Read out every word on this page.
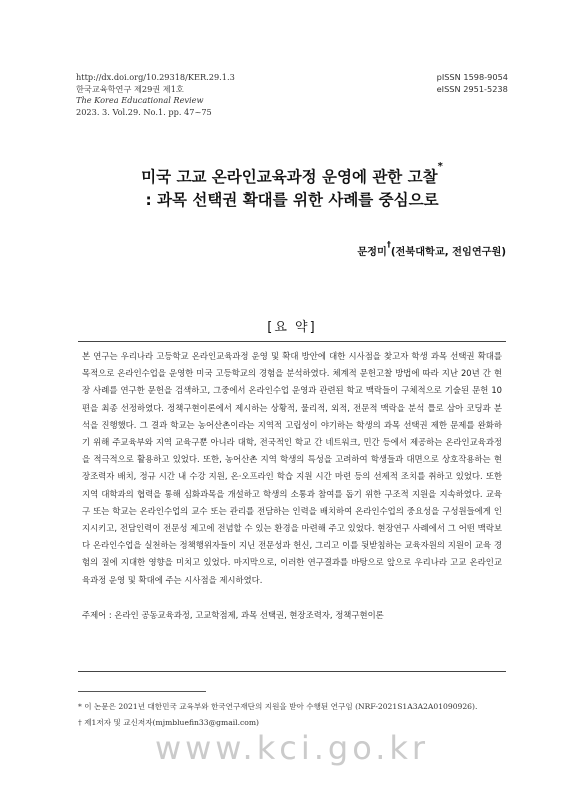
http://dx.doi.org/10.29318/KER.29.1.3
한국교육학연구 제29권 제1호
The Korea Educational Review
2023. 3. Vol.29. No.1. pp. 47~75
pISSN 1598-9054
eISSN 2951-5238
미국 고교 온라인교육과정 운영에 관한 고찰*
: 과목 선택권 확대를 위한 사례를 중심으로
문정미†(전북대학교, 전임연구원)
[요 약]

본 연구는 우리나라 고등학교 온라인교육과정 운영 및 확대 방안에 대한 시사점을 찾고자 학생 과목 선택권 확대를 목적으로 온라인수업을 운영한 미국 고등학교의 경험을 분석하였다. 체계적 문헌고찰 방법에 따라 지난 20년 간 현장 사례를 연구한 문헌을 검색하고, 그중에서 온라인수업 운영과 관련된 학교 맥락들이 구체적으로 기술된 문헌 10편을 최종 선정하였다. 정책구현이론에서 제시하는 상황적, 물리적, 외적, 전문적 맥락을 분석 틀로 삼아 코딩과 분석을 진행했다. 그 결과 학교는 농어산촌이라는 지역적 고립성이 야기하는 학생의 과목 선택권 제한 문제를 완화하기 위해 주교육부와 지역 교육구뿐 아니라 대학, 전국적인 학교 간 네트워크, 민간 등에서 제공하는 온라인교육과정을 적극적으로 활용하고 있었다. 또한, 농어산촌 지역 학생의 특성을 고려하여 학생들과 대면으로 상호작용하는 현장조력자 배치, 정규 시간 내 수강 지원, 온·오프라인 학습 지원 시간 마련 등의 선제적 조치를 취하고 있었다. 또한 지역 대학과의 협력을 통해 심화과목을 개설하고 학생의 소통과 참여를 돕기 위한 구조적 지원을 지속하였다. 교육구 또는 학교는 온라인수업의 교수 또는 관리를 전담하는 인력을 배치하여 온라인수업의 중요성을 구성원들에게 인지시키고, 전담인력이 전문성 제고에 전념할 수 있는 환경을 마련해 주고 있었다. 현장연구 사례에서 그 어떤 맥락보다 온라인수업을 실천하는 정책행위자들이 지닌 전문성과 헌신, 그리고 이를 뒷받침하는 교육자원의 지원이 교육 경험의 질에 지대한 영향을 미치고 있었다. 마지막으로, 이러한 연구결과를 바탕으로 앞으로 우리나라 고교 온라인교육과정 운영 및 확대에 주는 시사점을 제시하였다.

주제어 : 온라인 공동교육과정, 고교학점제, 과목 선택권, 현장조력자, 정책구현이론
* 이 논문은 2021년 대한민국 교육부와 한국연구재단의 지원을 받아 수행된 연구임 (NRF-2021S1A3A2A01090926).
† 제1저자 및 교신저자(mjmbluefin33@gmail.com)
www.kci.go.kr
